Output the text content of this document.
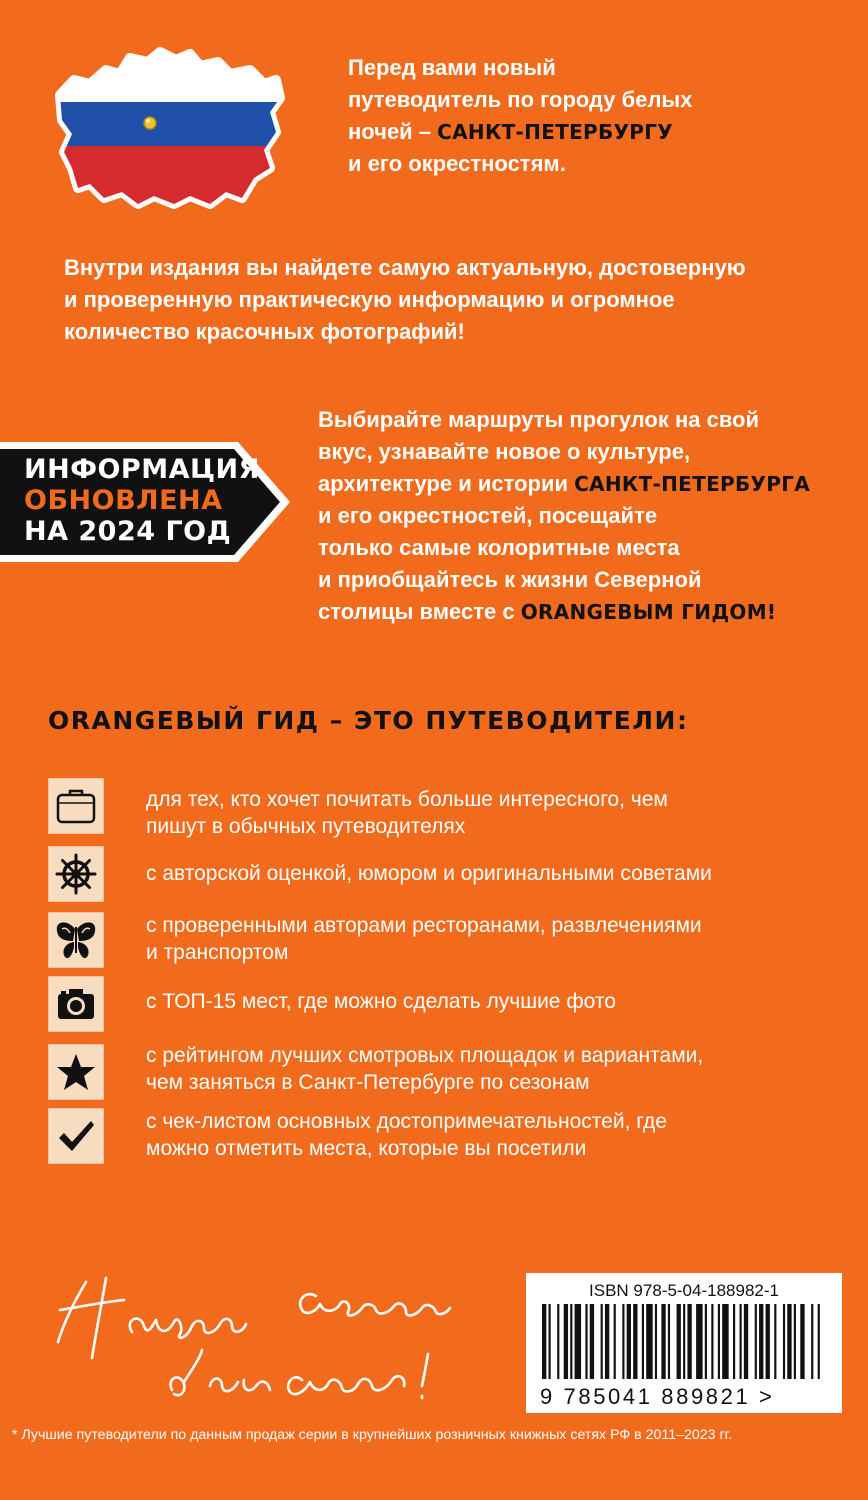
Перед вами новый
путеводитель по городу белых
ночей – САНКТ-ПЕТЕРБУРГУ
и его окрестностям.
Внутри издания вы найдете самую актуальную, достоверную
и проверенную практическую информацию и огромное
количество красочных фотографий!
ИНФОРМАЦИЯ
ОБНОВЛЕНА
НА 2024 ГОД
Выбирайте маршруты прогулок на свой
вкус, узнавайте новое о культуре,
архитектуре и истории САНКТ-ПЕТЕРБУРГА
и его окрестностей, посещайте
только самые колоритные места
и приобщайтесь к жизни Северной
столицы вместе с ORANGEВЫМ ГИДОМ!
ORANGEВЫЙ ГИД – ЭТО ПУТЕВОДИТЕЛИ:
для тех, кто хочет почитать больше интересного, чем
пишут в обычных путеводителях
с авторской оценкой, юмором и оригинальными советами
с проверенными авторами ресторанами, развлечениями
и транспортом
с ТОП-15 мест, где можно сделать лучшие фото
с рейтингом лучших смотровых площадок и вариантами,
чем заняться в Санкт-Петербурге по сезонам
с чек-листом основных достопримечательностей, где
можно отметить места, которые вы посетили
ISBN 978-5-04-188982-1
9 785041 889821 >
* Лучшие путеводители по данным продаж серии в крупнейших розничных книжных сетях РФ в 2011–2023 гг.
